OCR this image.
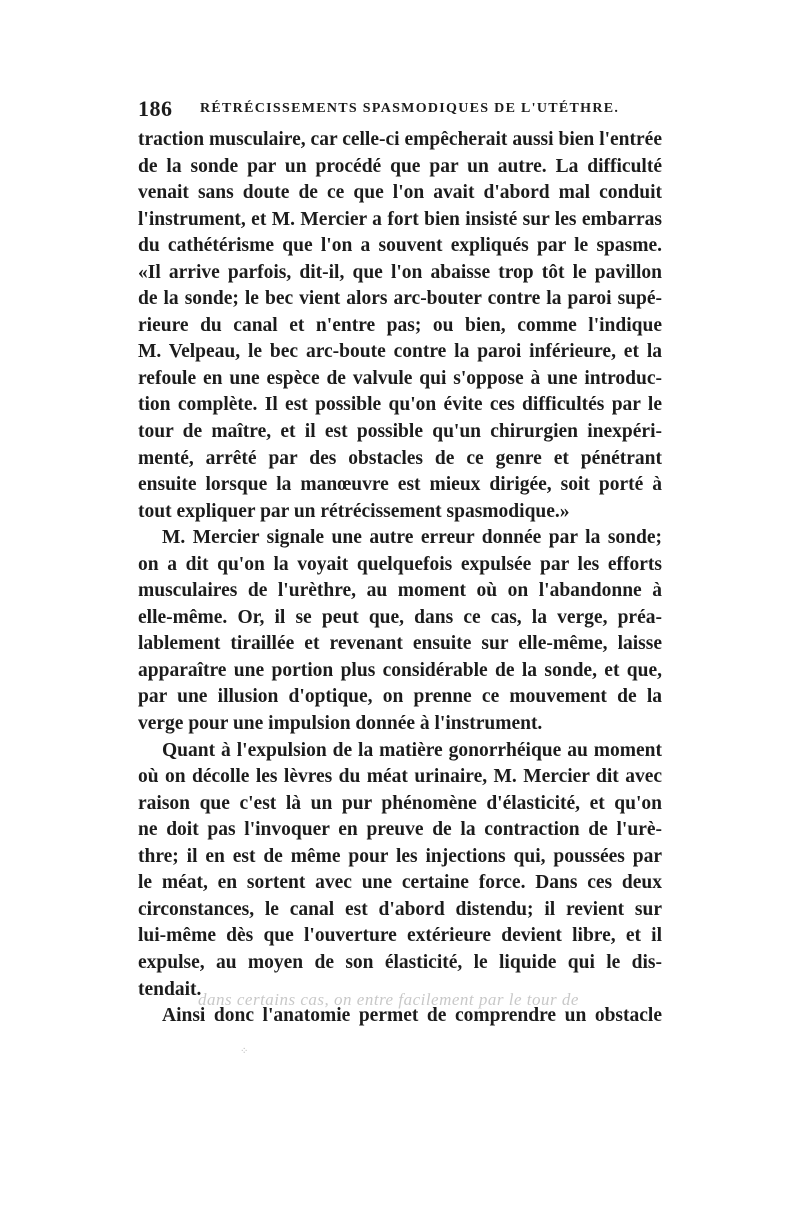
186 RÉTRÉCISSEMENTS SPASMODIQUES DE L'UTÉTHRE.
traction musculaire, car celle-ci empêcherait aussi bien l'entrée
de la sonde par un procédé que par un autre. La difficulté
venait sans doute de ce que l'on avait d'abord mal conduit
l'instrument, et M. Mercier a fort bien insisté sur les embarras
du cathétérisme que l'on a souvent expliqués par le spasme.
«Il arrive parfois, dit-il, que l'on abaisse trop tôt le pavillon
de la sonde; le bec vient alors arc-bouter contre la paroi supé-
rieure du canal et n'entre pas; ou bien, comme l'indique
M. Velpeau, le bec arc-boute contre la paroi inférieure, et la
refoule en une espèce de valvule qui s'oppose à une introduc-
tion complète. Il est possible qu'on évite ces difficultés par le
tour de maître, et il est possible qu'un chirurgien inexpéri-
menté, arrêté par des obstacles de ce genre et pénétrant
ensuite lorsque la manœuvre est mieux dirigée, soit porté à
tout expliquer par un rétrécissement spasmodique.»
M. Mercier signale une autre erreur donnée par la sonde;
on a dit qu'on la voyait quelquefois expulsée par les efforts
musculaires de l'urèthre, au moment où on l'abandonne à
elle-même. Or, il se peut que, dans ce cas, la verge, préa-
lablement tiraillée et revenant ensuite sur elle-même, laisse
apparaître une portion plus considérable de la sonde, et que,
par une illusion d'optique, on prenne ce mouvement de la
verge pour une impulsion donnée à l'instrument.
Quant à l'expulsion de la matière gonorrhéique au moment
où on décolle les lèvres du méat urinaire, M. Mercier dit avec
raison que c'est là un pur phénomène d'élasticité, et qu'on
ne doit pas l'invoquer en preuve de la contraction de l'urè-
thre; il en est de même pour les injections qui, poussées par
le méat, en sortent avec une certaine force. Dans ces deux
circonstances, le canal est d'abord distendu; il revient sur
lui-même dès que l'ouverture extérieure devient libre, et il
expulse, au moyen de son élasticité, le liquide qui le dis-
tendait.
Ainsi donc l'anatomie permet de comprendre un obstacle
dans certains cas, on entre facilement par le tour de
⁘
